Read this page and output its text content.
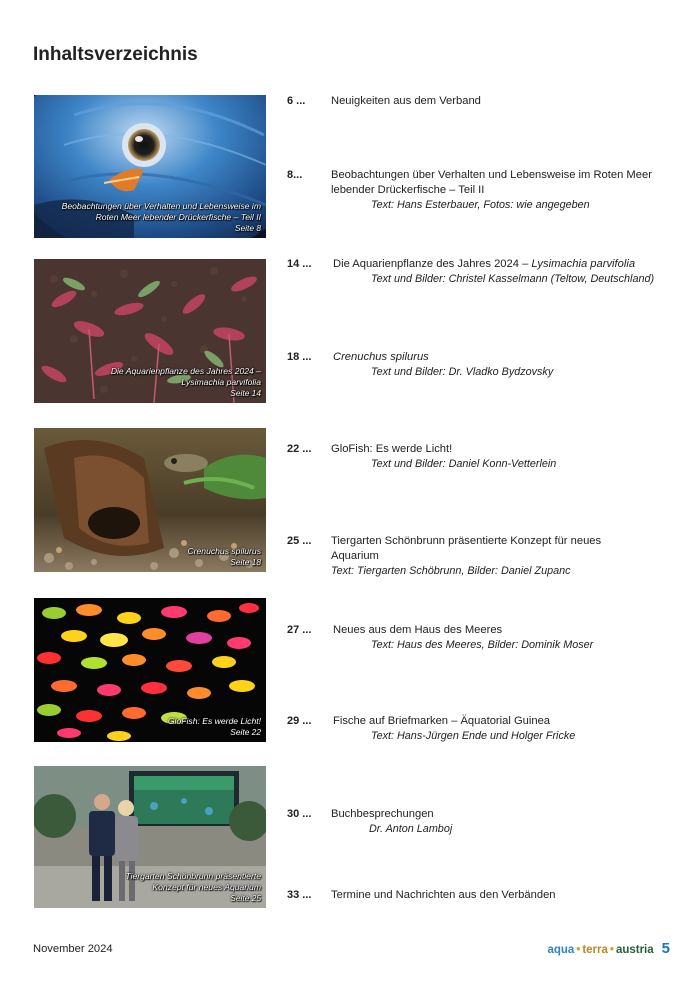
Inhaltsverzeichnis
Beobachtungen über Verhalten und Lebensweise im
Roten Meer lebender Drückerfische – Teil II
Seite 8
Die Aquarienpflanze des Jahres 2024 –
Lysimachia parvifolia
Seite 14
Crenuchus spilurus
Seite 18
GloFish: Es werde Licht!
Seite 22
Tiergarten Schönbrunn präsentierte
Konzept für neues Aquarium
Seite 25
6 ... Neuigkeiten aus dem Verband
8...	Beobachtungen über Verhalten und Lebensweise im Roten Meer lebender Drückerfische – Teil II
Text: Hans Esterbauer, Fotos: wie angegeben
14 ... Die Aquarienpflanze des Jahres 2024 – Lysimachia parvifolia
Text und Bilder: Christel Kasselmann (Teltow, Deutschland)
18 ... Crenuchus spilurus
Text und Bilder: Dr. Vladko Bydzovsky
22 ... GloFish: Es werde Licht!
Text und Bilder: Daniel Konn-Vetterlein
25 ... Tiergarten Schönbrunn präsentierte Konzept für neues Aquarium
Text: Tiergarten Schöbrunn, Bilder: Daniel Zupanc
27 ... Neues aus dem Haus des Meeres
Text: Haus des Meeres, Bilder: Dominik Moser
29 ... Fische auf Briefmarken – Äquatorial Guinea
Text: Hans-Jürgen Ende und Holger Fricke
30 ... Buchbesprechungen
Dr. Anton Lamboj
33 ... Termine und Nachrichten aus den Verbänden
November 2024	aqua • terra • austria 5
